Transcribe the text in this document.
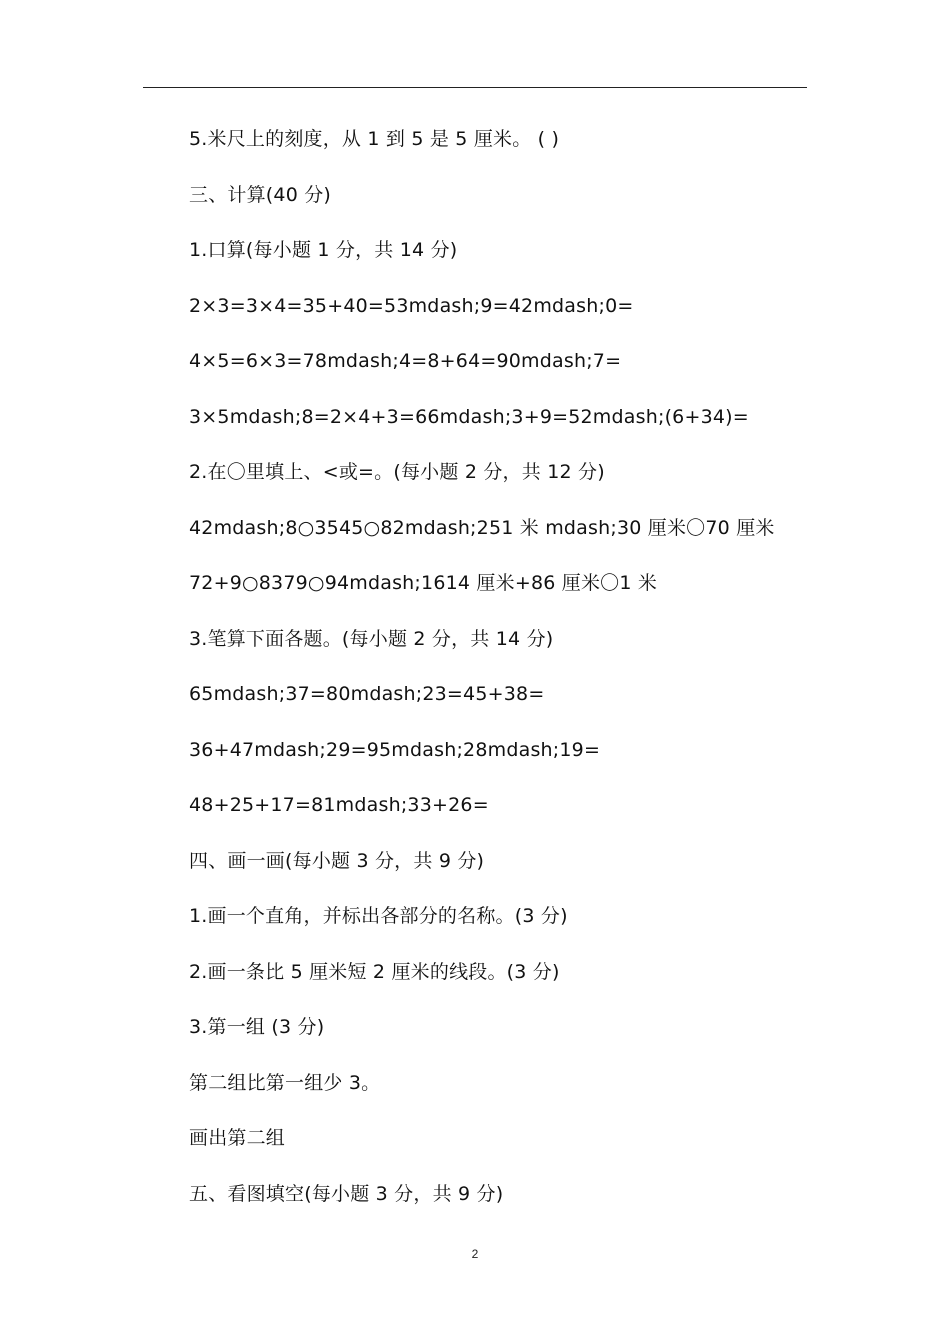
5.米尺上的刻度，从 1 到 5 是 5 厘米。 ( )
三、计算(40 分)
1.口算(每小题 1 分，共 14 分)
2×3=3×4=35+40=53mdash;9=42mdash;0=
4×5=6×3=78mdash;4=8+64=90mdash;7=
3×5mdash;8=2×4+3=66mdash;3+9=52mdash;(6+34)=
2.在〇里填上、<或=。(每小题 2 分，共 12 分)
42mdash;8○3545○82mdash;251 米 mdash;30 厘米〇70 厘米
72+9○8379○94mdash;1614 厘米+86 厘米〇1 米
3.笔算下面各题。(每小题 2 分，共 14 分)
65mdash;37=80mdash;23=45+38=
36+47mdash;29=95mdash;28mdash;19=
48+25+17=81mdash;33+26=
四、画一画(每小题 3 分，共 9 分)
1.画一个直角，并标出各部分的名称。(3 分)
2.画一条比 5 厘米短 2 厘米的线段。(3 分)
3.第一组 (3 分)
第二组比第一组少 3。
画出第二组
五、看图填空(每小题 3 分，共 9 分)
2
